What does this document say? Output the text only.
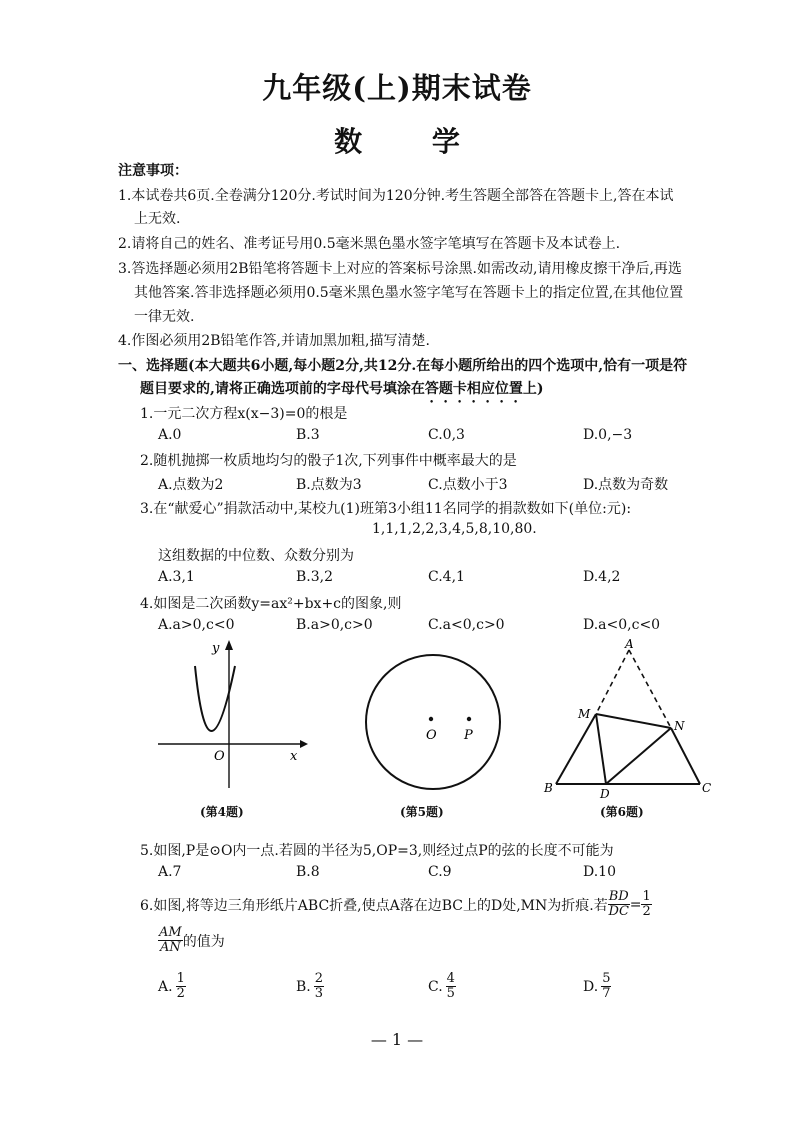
九年级(上)期末试卷
数 学
注意事项：
1.本试卷共6页.全卷满分120分.考试时间为120分钟.考生答题全部答在答题卡上,答在本试
上无效.
2.请将自己的姓名、准考证号用0.5毫米黑色墨水签字笔填写在答题卡及本试卷上.
3.答选择题必须用2B铅笔将答题卡上对应的答案标号涂黑.如需改动,请用橡皮擦干净后,再选
其他答案.答非选择题必须用0.5毫米黑色墨水签字笔写在答题卡上的指定位置,在其他位置
一律无效.
4.作图必须用2B铅笔作答,并请加黑加粗,描写清楚.
一、选择题(本大题共6小题,每小题2分,共12分.在每小题所给出的四个选项中,恰有一项是符
题目要求的,请将正确选项前的字母代号填涂在答题卡相应位置上)
1.一元二次方程x(x−3)=0的根是
A.0	B.3	C.0,3	D.0,−3
2.随机抛掷一枚质地均匀的骰子1次,下列事件中概率最大的是
A.点数为2	B.点数为3	C.点数小于3	D.点数为奇数
3.在“献爱心”捐款活动中,某校九(1)班第3小组11名同学的捐款数如下(单位:元):
1,1,1,2,2,3,4,5,8,10,80.
这组数据的中位数、众数分别为
A.3,1	B.3,2	C.4,1	D.4,2
4.如图是二次函数y=ax²+bx+c的图象,则
A.a>0,c<0	B.a>0,c>0	C.a<0,c>0	D.a<0,c<0
y
x
O
(第4题)
O P
(第5题)
A
M
N
B	D	C
(第6题)
5.如图,P是⊙O内一点.若圆的半径为5,OP=3,则经过点P的弦的长度不可能为
A.7	B.8	C.9	D.10
6.如图,将等边三角形纸片ABC折叠,使点A落在边BC上的D处,MN为折痕.若 $\frac{BD}{DC} = \frac{1}{2}$
$\frac{AM}{AN}$ 的值为
A. $\frac{1}{2}$	B. $\frac{2}{3}$	C. $\frac{4}{5}$	D. $\frac{5}{7}$
— 1 —
